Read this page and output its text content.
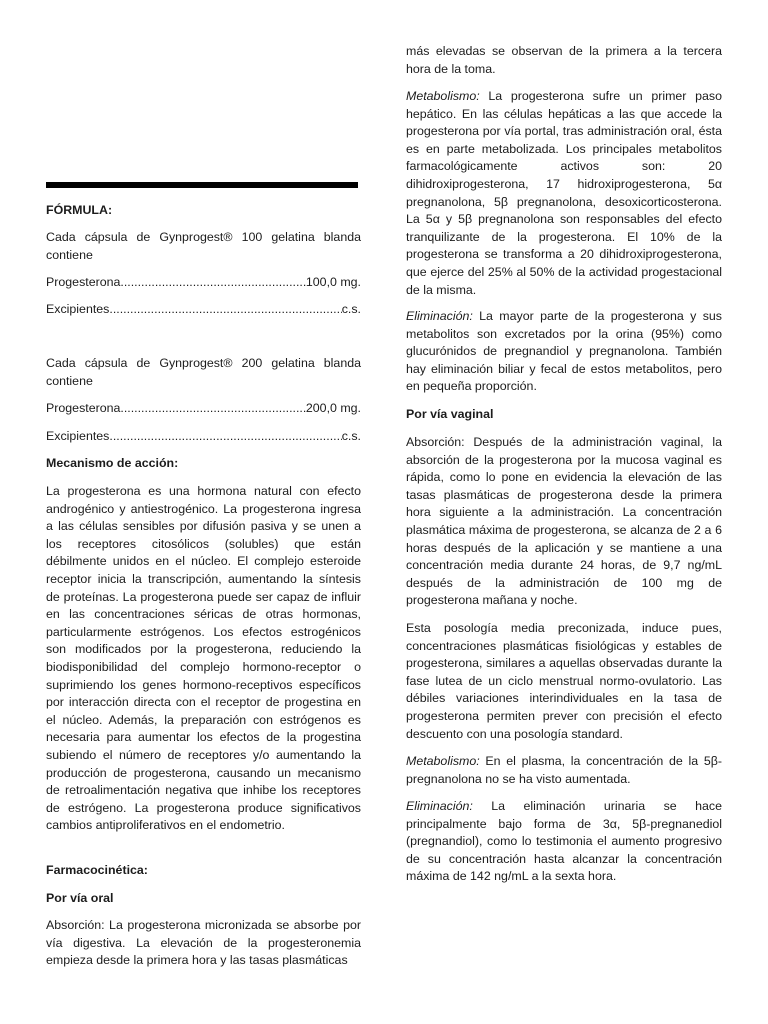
FÓRMULA:

Cada cápsula de Gynprogest® 100 gelatina blanda contiene

Progesterona .....	100,0 mg.
Excipientes .....	c.s.

Cada cápsula de Gynprogest® 200 gelatina blanda contiene

Progesterona .....	200,0 mg.
Excipientes .....	c.s.

Mecanismo de acción:

La progesterona es una hormona natural con efecto androgénico y antiestrogénico. La progesterona ingresa a las células sensibles por difusión pasiva y se unen a los receptores citosólicos (solubles) que están débilmente unidos en el núcleo. El complejo esteroide receptor inicia la transcripción, aumentando la síntesis de proteínas. La progesterona puede ser capaz de influir en las concentraciones séricas de otras hormonas, particularmente estrógenos. Los efectos estrogénicos son modificados por la progesterona, reduciendo la biodisponibilidad del complejo hormono-receptor o suprimiendo los genes hormono-receptivos específicos por interacción directa con el receptor de progestina en el núcleo. Además, la preparación con estrógenos es necesaria para aumentar los efectos de la progestina subiendo el número de receptores y/o aumentando la producción de progesterona, causando un mecanismo de retroalimentación negativa que inhibe los receptores de estrógeno. La progesterona produce significativos cambios antiproliferativos en el endometrio.

Farmacocinética:

Por vía oral

Absorción: La progesterona micronizada se absorbe por vía digestiva. La elevación de la progesteronemia empieza desde la primera hora y las tasas plasmáticas

más elevadas se observan de la primera a la tercera hora de la toma.

Metabolismo: La progesterona sufre un primer paso hepático. En las células hepáticas a las que accede la progesterona por vía portal, tras administración oral, ésta es en parte metabolizada. Los principales metabolitos farmacológicamente activos son: 20 dihidroxiprogesterona, 17 hidroxiprogesterona, 5α pregnanolona, 5β pregnanolona, desoxicorticosterona. La 5α y 5β pregnanolona son responsables del efecto tranquilizante de la progesterona. El 10% de la progesterona se transforma a 20 dihidroxiprogesterona, que ejerce del 25% al 50% de la actividad progestacional de la misma.

Eliminación: La mayor parte de la progesterona y sus metabolitos son excretados por la orina (95%) como glucurónidos de pregnandiol y pregnanolona. También hay eliminación biliar y fecal de estos metabolitos, pero en pequeña proporción.

Por vía vaginal

Absorción: Después de la administración vaginal, la absorción de la progesterona por la mucosa vaginal es rápida, como lo pone en evidencia la elevación de las tasas plasmáticas de progesterona desde la primera hora siguiente a la administración. La concentración plasmática máxima de progesterona, se alcanza de 2 a 6 horas después de la aplicación y se mantiene a una concentración media durante 24 horas, de 9,7 ng/mL después de la administración de 100 mg de progesterona mañana y noche.

Esta posología media preconizada, induce pues, concentraciones plasmáticas fisiológicas y estables de progesterona, similares a aquellas observadas durante la fase lutea de un ciclo menstrual normo-ovulatorio. Las débiles variaciones interindividuales en la tasa de progesterona permiten prever con precisión el efecto descuento con una posología standard.

Metabolismo: En el plasma, la concentración de la 5β-pregnanolona no se ha visto aumentada.

Eliminación: La eliminación urinaria se hace principalmente bajo forma de 3α, 5β-pregnanediol (pregnandiol), como lo testimonia el aumento progresivo de su concentración hasta alcanzar la concentración máxima de 142 ng/mL a la sexta hora.
